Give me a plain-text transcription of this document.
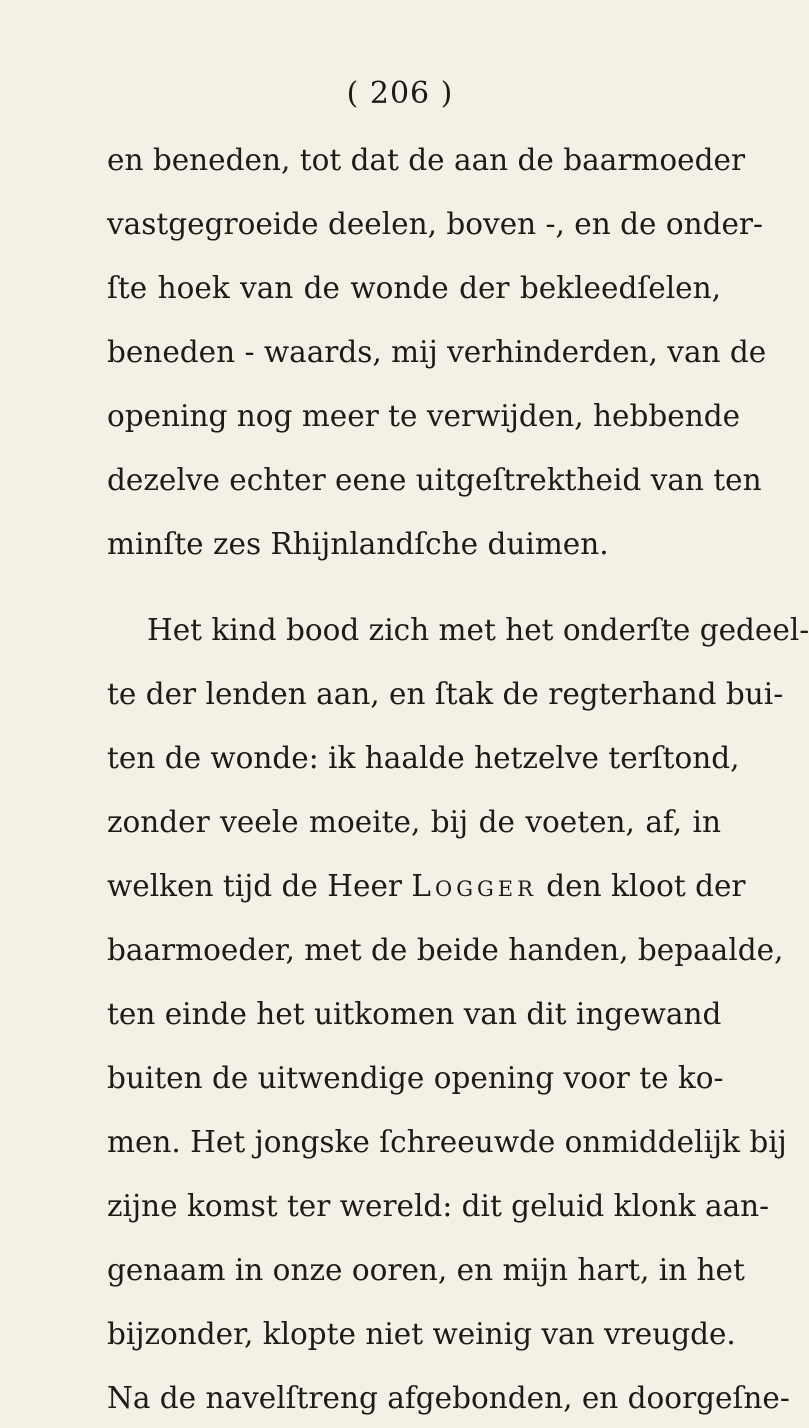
( 206 )
en beneden, tot dat de aan de baarmoeder
vastgegroeide deelen, boven -, en de onder-
ſte hoek van de wonde der bekleedſelen,
beneden - waards, mij verhinderden, van de
opening nog meer te verwijden, hebbende
dezelve echter eene uitgeſtrektheid van ten
minſte zes Rhijnlandſche duimen.
Het kind bood zich met het onderſte gedeel-
te der lenden aan, en ſtak de regterhand bui-
ten de wonde: ik haalde hetzelve terſtond,
zonder veele moeite, bij de voeten, af, in
welken tijd de Heer Logger den kloot der
baarmoeder, met de beide handen, bepaalde,
ten einde het uitkomen van dit ingewand
buiten de uitwendige opening voor te ko-
men. Het jongske ſchreeuwde onmiddelijk bij
zijne komst ter wereld: dit geluid klonk aan-
genaam in onze ooren, en mijn hart, in het
bijzonder, klopte niet weinig van vreugde.
Na de navelſtreng afgebonden, en doorgeſne-
